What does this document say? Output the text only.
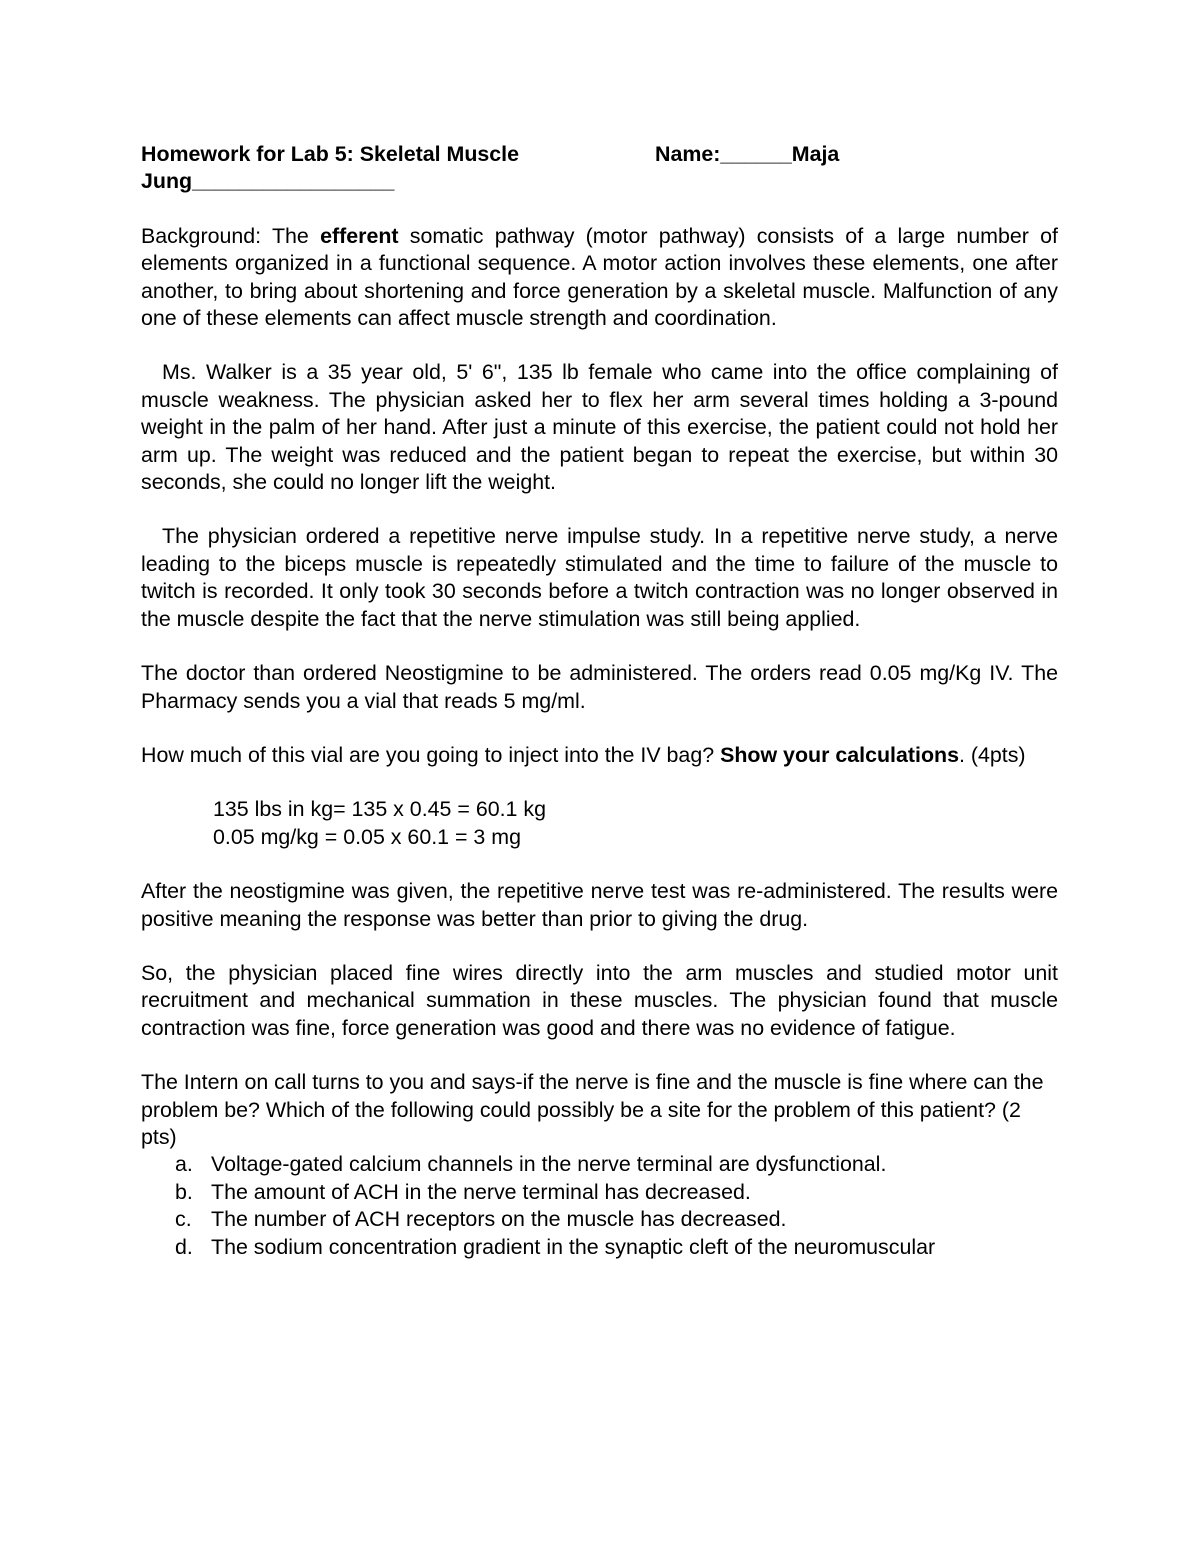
Homework for Lab 5: Skeletal Muscle	Name:______Maja
Jung_________________

Background: The efferent somatic pathway (motor pathway) consists of a large number of elements organized in a functional sequence. A motor action involves these elements, one after another, to bring about shortening and force generation by a skeletal muscle. Malfunction of any one of these elements can affect muscle strength and coordination.

Ms. Walker is a 35 year old, 5' 6", 135 lb female who came into the office complaining of muscle weakness. The physician asked her to flex her arm several times holding a 3-pound weight in the palm of her hand. After just a minute of this exercise, the patient could not hold her arm up. The weight was reduced and the patient began to repeat the exercise, but within 30 seconds, she could no longer lift the weight.

The physician ordered a repetitive nerve impulse study. In a repetitive nerve study, a nerve leading to the biceps muscle is repeatedly stimulated and the time to failure of the muscle to twitch is recorded. It only took 30 seconds before a twitch contraction was no longer observed in the muscle despite the fact that the nerve stimulation was still being applied.

The doctor than ordered Neostigmine to be administered. The orders read 0.05 mg/Kg IV. The Pharmacy sends you a vial that reads 5 mg/ml.

How much of this vial are you going to inject into the IV bag? Show your calculations. (4pts)

135 lbs in kg= 135 x 0.45 = 60.1 kg

0.05 mg/kg = 0.05 x 60.1 = 3 mg

After the neostigmine was given, the repetitive nerve test was re-administered. The results were positive meaning the response was better than prior to giving the drug.

So, the physician placed fine wires directly into the arm muscles and studied motor unit recruitment and mechanical summation in these muscles. The physician found that muscle contraction was fine, force generation was good and there was no evidence of fatigue.

The Intern on call turns to you and says-if the nerve is fine and the muscle is fine where can the problem be? Which of the following could possibly be a site for the problem of this patient? (2 pts)

a. Voltage-gated calcium channels in the nerve terminal are dysfunctional.
b. The amount of ACH in the nerve terminal has decreased.
c. The number of ACH receptors on the muscle has decreased.
d. The sodium concentration gradient in the synaptic cleft of the neuromuscular
